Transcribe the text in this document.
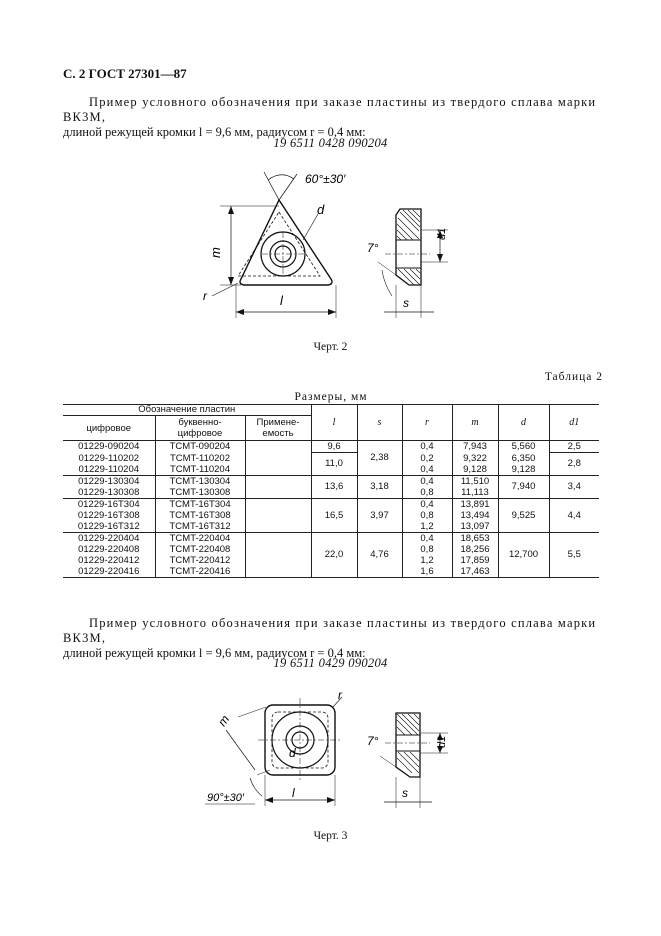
С. 2 ГОСТ 27301—87
Пример условного обозначения при заказе пластины из твердого сплава марки ВК3М,
длиной режущей кромки l = 9,6 мм, радиусом r = 0,4 мм:
19 6511 0428 090204
60°±30′
d
m
r	l
7°
d1
s
r
m
d
l
90°±30′
7°	d1
s
Черт. 2
Таблица 2
Размеры, мм
Обозначение пластин			l	s	r	m	d	d1
цифровое	буквенно-
цифровое	Примене-
емость						
01229-090204	TCMT-090204		9,6	2,38	0,4	7,943	5,560	2,5
01229-110202	TCMT-110202		11,0		0,2	9,322	6,350	2,8
01229-110204	TCMT-110204				0,4	9,128	9,128	
01229-130304	TCMT-130304		13,6	3,18	0,4	11,510	7,940	3,4
01229-130308	TCMT-130308				0,8	11,113		
01229-16T304	TCMT-16T304		16,5	3,97	0,4	13,891	9,525	4,4
01229-16T308	TCMT-16T308				0,8	13,494		
01229-16T312	TCMT-16T312				1,2	13,097		
01229-220404	TCMT-220404		22,0	4,76	0,4	18,653	12,700	5,5
01229-220408	TCMT-220408				0,8	18,256		
01229-220412	TCMT-220412				1,2	17,859		
01229-220416	TCMT-220416				1,6	17,463		
Пример условного обозначения при заказе пластины из твердого сплава марки ВК3М,
длиной режущей кромки l = 9,6 мм, радиусом r = 0,4 мм:
19 6511 0429 090204
Черт. 3
